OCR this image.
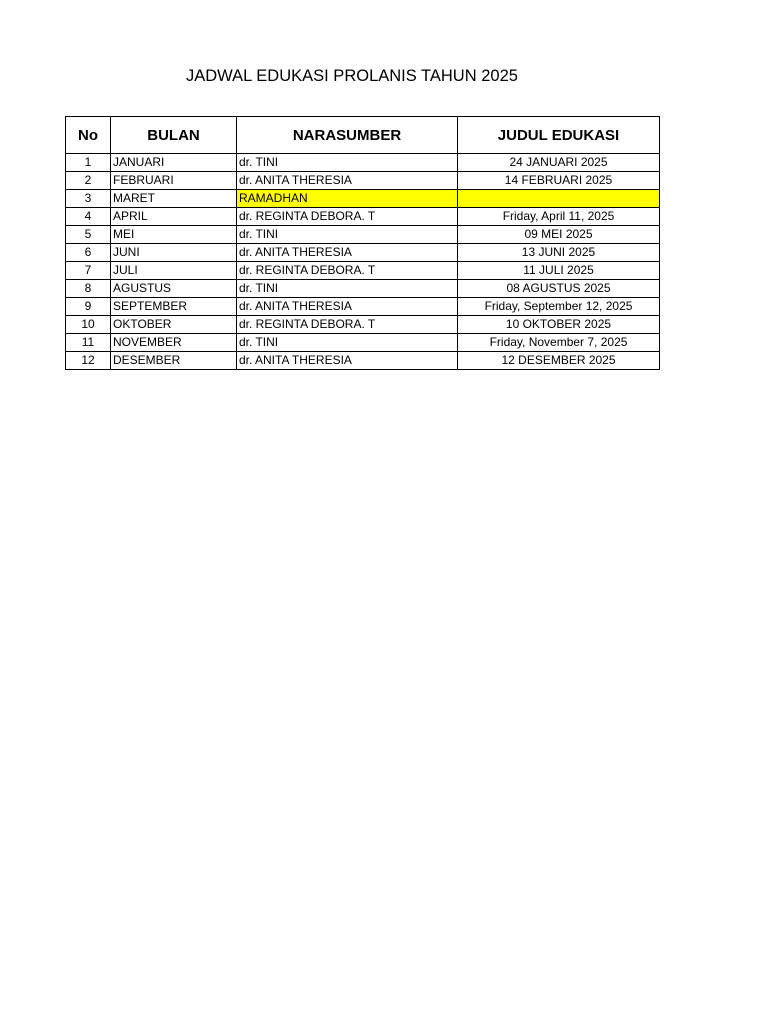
JADWAL EDUKASI PROLANIS TAHUN 2025
No	BULAN	NARASUMBER	JUDUL EDUKASI
1	JANUARI	dr. TINI	24 JANUARI 2025
2	FEBRUARI	dr. ANITA THERESIA	14 FEBRUARI 2025
3	MARET	RAMADHAN	
4	APRIL	dr. REGINTA DEBORA. T	Friday, April 11, 2025
5	MEI	dr. TINI	09 MEI 2025
6	JUNI	dr. ANITA THERESIA	13 JUNI 2025
7	JULI	dr. REGINTA DEBORA. T	11 JULI 2025
8	AGUSTUS	dr. TINI	08 AGUSTUS 2025
9	SEPTEMBER	dr. ANITA THERESIA	Friday, September 12, 2025
10	OKTOBER	dr. REGINTA DEBORA. T	10 OKTOBER 2025
11	NOVEMBER	dr. TINI	Friday, November 7, 2025
12	DESEMBER	dr. ANITA THERESIA	12 DESEMBER 2025
